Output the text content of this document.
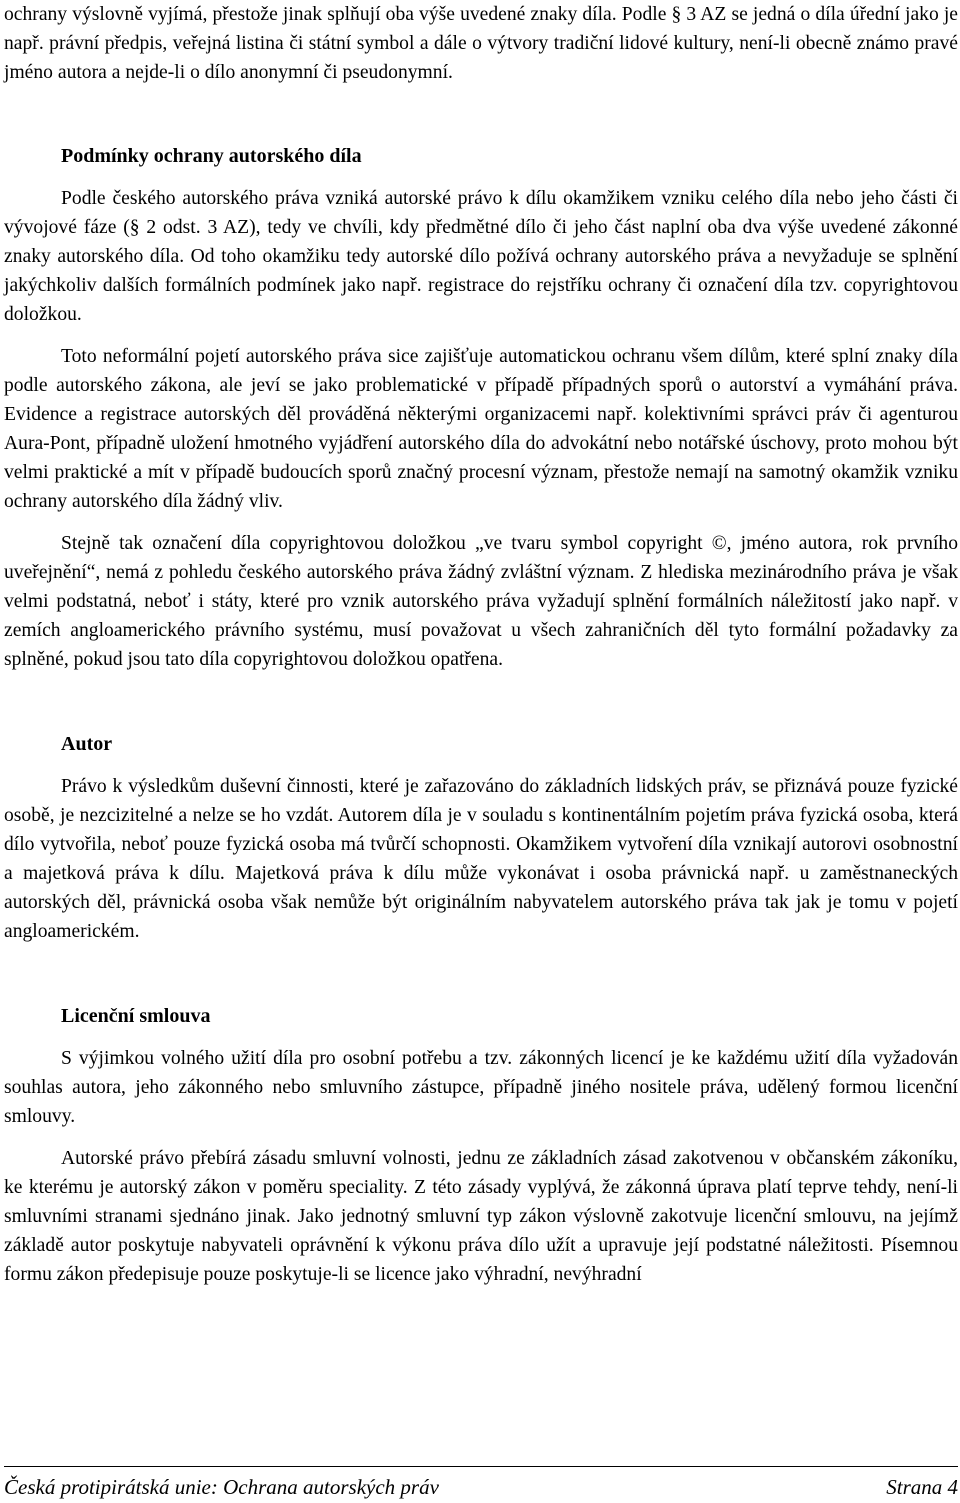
ochrany výslovně vyjímá, přestože jinak splňují oba výše uvedené znaky díla. Podle § 3 AZ se jedná o díla úřední jako je např. právní předpis, veřejná listina či státní symbol a dále o výtvory tradiční lidové kultury, není-li obecně známo pravé jméno autora a nejde-li o dílo anonymní či pseudonymní.

Podmínky ochrany autorského díla

Podle českého autorského práva vzniká autorské právo k dílu okamžikem vzniku celého díla nebo jeho části či vývojové fáze (§ 2 odst. 3 AZ), tedy ve chvíli, kdy předmětné dílo či jeho část naplní oba dva výše uvedené zákonné znaky autorského díla. Od toho okamžiku tedy autorské dílo požívá ochrany autorského práva a nevyžaduje se splnění jakýchkoliv dalších formálních podmínek jako např. registrace do rejstříku ochrany či označení díla tzv. copyrightovou doložkou.

Toto neformální pojetí autorského práva sice zajišťuje automatickou ochranu všem dílům, které splní znaky díla podle autorského zákona, ale jeví se jako problematické v případě případných sporů o autorství a vymáhání práva. Evidence a registrace autorských děl prováděná některými organizacemi např. kolektivními správci práv či agenturou Aura-Pont, případně uložení hmotného vyjádření autorského díla do advokátní nebo notářské úschovy, proto mohou být velmi praktické a mít v případě budoucích sporů značný procesní význam, přestože nemají na samotný okamžik vzniku ochrany autorského díla žádný vliv.

Stejně tak označení díla copyrightovou doložkou „ve tvaru symbol copyright ©, jméno autora, rok prvního uveřejnění“, nemá z pohledu českého autorského práva žádný zvláštní význam. Z hlediska mezinárodního práva je však velmi podstatná, neboť i státy, které pro vznik autorského práva vyžadují splnění formálních náležitostí jako např. v zemích angloamerického právního systému, musí považovat u všech zahraničních děl tyto formální požadavky za splněné, pokud jsou tato díla copyrightovou doložkou opatřena.

Autor

Právo k výsledkům duševní činnosti, které je zařazováno do základních lidských práv, se přiznává pouze fyzické osobě, je nezcizitelné a nelze se ho vzdát. Autorem díla je v souladu s kontinentálním pojetím práva fyzická osoba, která dílo vytvořila, neboť pouze fyzická osoba má tvůrčí schopnosti. Okamžikem vytvoření díla vznikají autorovi osobnostní a majetková práva k dílu. Majetková práva k dílu může vykonávat i osoba právnická např. u zaměstnaneckých autorských děl, právnická osoba však nemůže být originálním nabyvatelem autorského práva tak jak je tomu v pojetí angloamerickém.

Licenční smlouva

S výjimkou volného užití díla pro osobní potřebu a tzv. zákonných licencí je ke každému užití díla vyžadován souhlas autora, jeho zákonného nebo smluvního zástupce, případně jiného nositele práva, udělený formou licenční smlouvy.

Autorské právo přebírá zásadu smluvní volnosti, jednu ze základních zásad zakotvenou v občanském zákoníku, ke kterému je autorský zákon v poměru speciality. Z této zásady vyplývá, že zákonná úprava platí teprve tehdy, není-li smluvními stranami sjednáno jinak. Jako jednotný smluvní typ zákon výslovně zakotvuje licenční smlouvu, na jejímž základě autor poskytuje nabyvateli oprávnění k výkonu práva dílo užít a upravuje její podstatné náležitosti. Písemnou formu zákon předepisuje pouze poskytuje-li se licence jako výhradní, nevýhradní

Česká protipirátská unie: Ochrana autorských práv	Strana 4
